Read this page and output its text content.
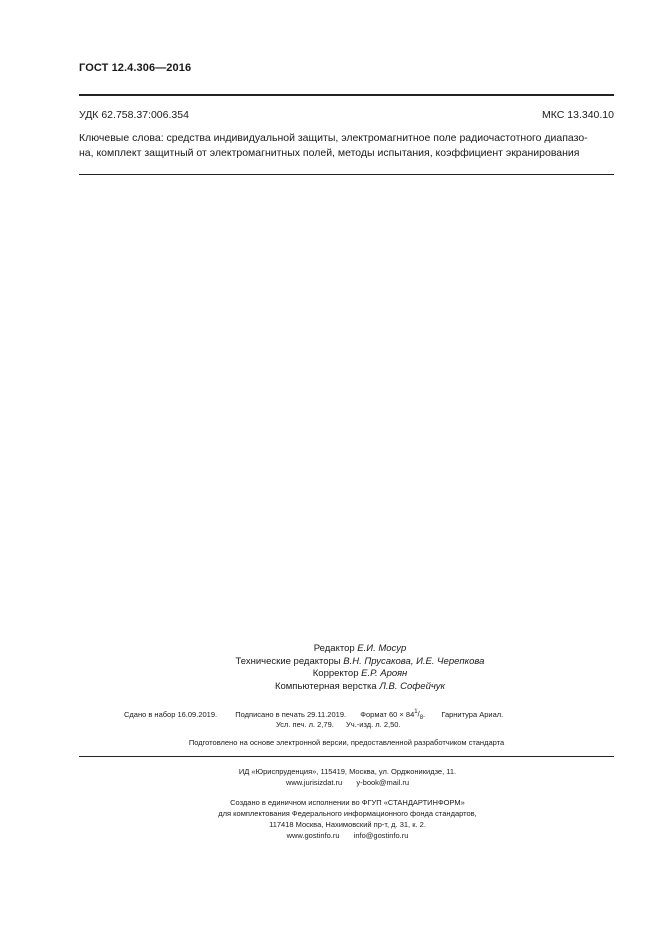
ГОСТ 12.4.306—2016
УДК 62.758.37:006.354	МКС 13.340.10
Ключевые слова: средства индивидуальной защиты, электромагнитное поле радиочастотного диапазо-
на, комплект защитный от электромагнитных полей, методы испытания, коэффициент экранирования
Редактор Е.И. Мосур
Технические редакторы В.Н. Прусакова, И.Е. Черепкова
Корректор Е.Р. Ароян
Компьютерная верстка Л.В. Софейчук
Сдано в набор 16.09.2019. Подписано в печать 29.11.2019. Формат $60 \times 84^1/_8$. Гарнитура Ариал.
Усл. печ. л. 2,79. Уч.-изд. л. 2,50.
Подготовлено на основе электронной версии, предоставленной разработчиком стандарта
ИД «Юриспруденция», 115419, Москва, ул. Орджоникидзе, 11.
www.jurisizdat.ru y-book@mail.ru
Создано в единичном исполнении во ФГУП «СТАНДАРТИНФОРМ»
для комплектования Федерального информационного фонда стандартов,
117418 Москва, Нахимовский пр-т, д. 31, к. 2.
www.gostinfo.ru info@gostinfo.ru
